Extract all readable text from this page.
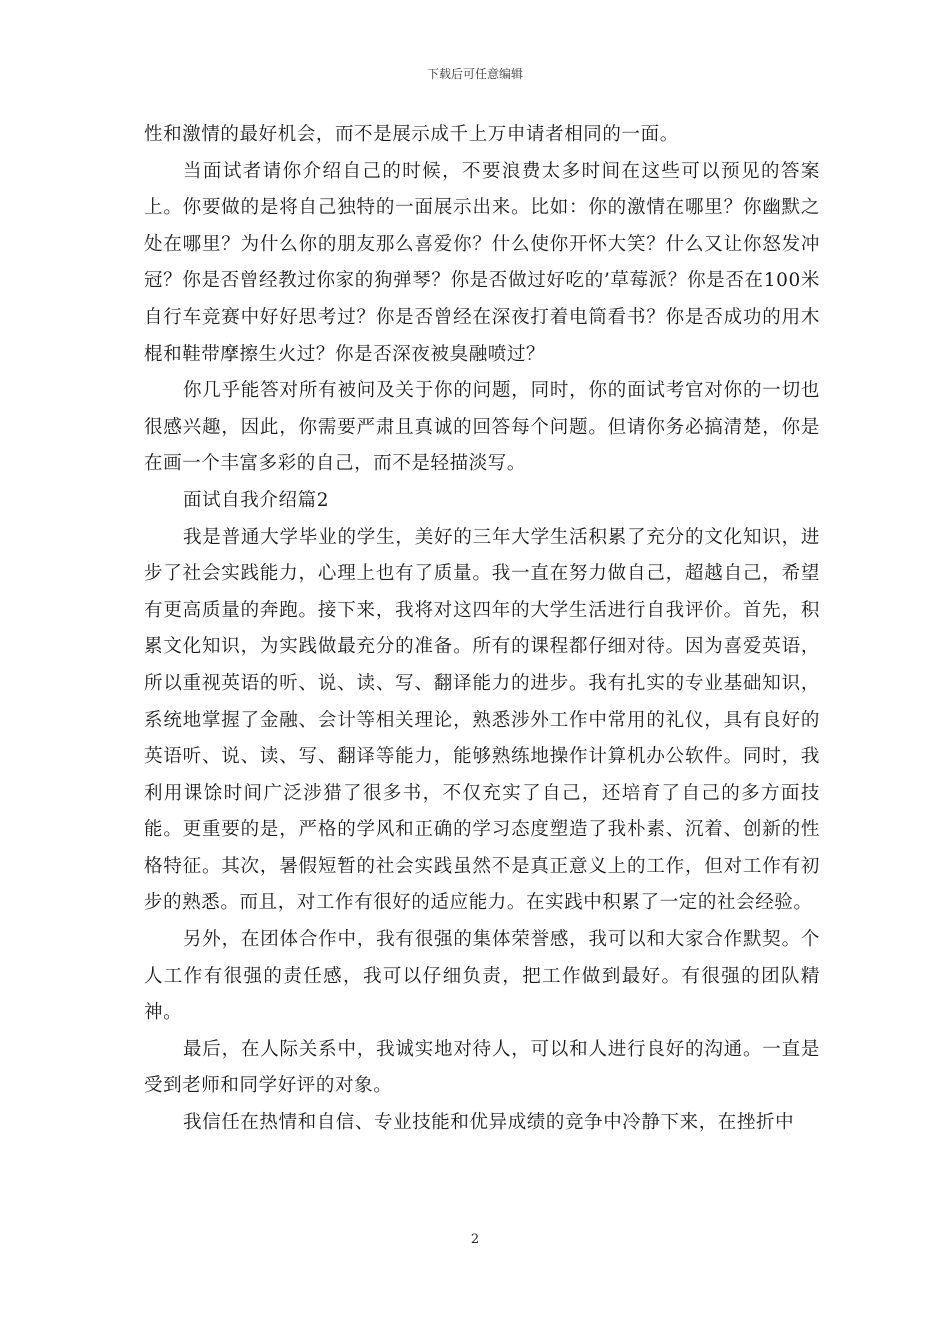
下载后可任意编辑

性和激情的最好机会，而不是展示成千上万申请者相同的一面。

当面试者请你介绍自己的时候，不要浪费太多时间在这些可以预见的答案上。你要做的是将自己独特的一面展示出来。比如：你的激情在哪里？你幽默之处在哪里？为什么你的朋友那么喜爱你？什么使你开怀大笑？什么又让你怒发冲冠？你是否曾经教过你家的狗弹琴？你是否做过好吃的’草莓派？你是否在100米自行车竞赛中好好思考过？你是否曾经在深夜打着电筒看书？你是否成功的用木棍和鞋带摩擦生火过？你是否深夜被臭融喷过？

你几乎能答对所有被问及关于你的问题，同时，你的面试考官对你的一切也很感兴趣，因此，你需要严肃且真诚的回答每个问题。但请你务必搞清楚，你是在画一个丰富多彩的自己，而不是轻描淡写。

面试自我介绍篇2

我是普通大学毕业的学生，美好的三年大学生活积累了充分的文化知识，进步了社会实践能力，心理上也有了质量。我一直在努力做自己，超越自己，希望有更高质量的奔跑。接下来，我将对这四年的大学生活进行自我评价。首先，积累文化知识，为实践做最充分的准备。所有的课程都仔细对待。因为喜爱英语，所以重视英语的听、说、读、写、翻译能力的进步。我有扎实的专业基础知识，系统地掌握了金融、会计等相关理论，熟悉涉外工作中常用的礼仪，具有良好的英语听、说、读、写、翻译等能力，能够熟练地操作计算机办公软件。同时，我利用课馀时间广泛涉猎了很多书，不仅充实了自己，还培育了自己的多方面技能。更重要的是，严格的学风和正确的学习态度塑造了我朴素、沉着、创新的性格特征。其次，暑假短暂的社会实践虽然不是真正意义上的工作，但对工作有初步的熟悉。而且，对工作有很好的适应能力。在实践中积累了一定的社会经验。

另外，在团体合作中，我有很强的集体荣誉感，我可以和大家合作默契。个人工作有很强的责任感，我可以仔细负责，把工作做到最好。有很强的团队精神。

最后，在人际关系中，我诚实地对待人，可以和人进行良好的沟通。一直是受到老师和同学好评的对象。

我信任在热情和自信、专业技能和优异成绩的竞争中冷静下来，在挫折中

2
